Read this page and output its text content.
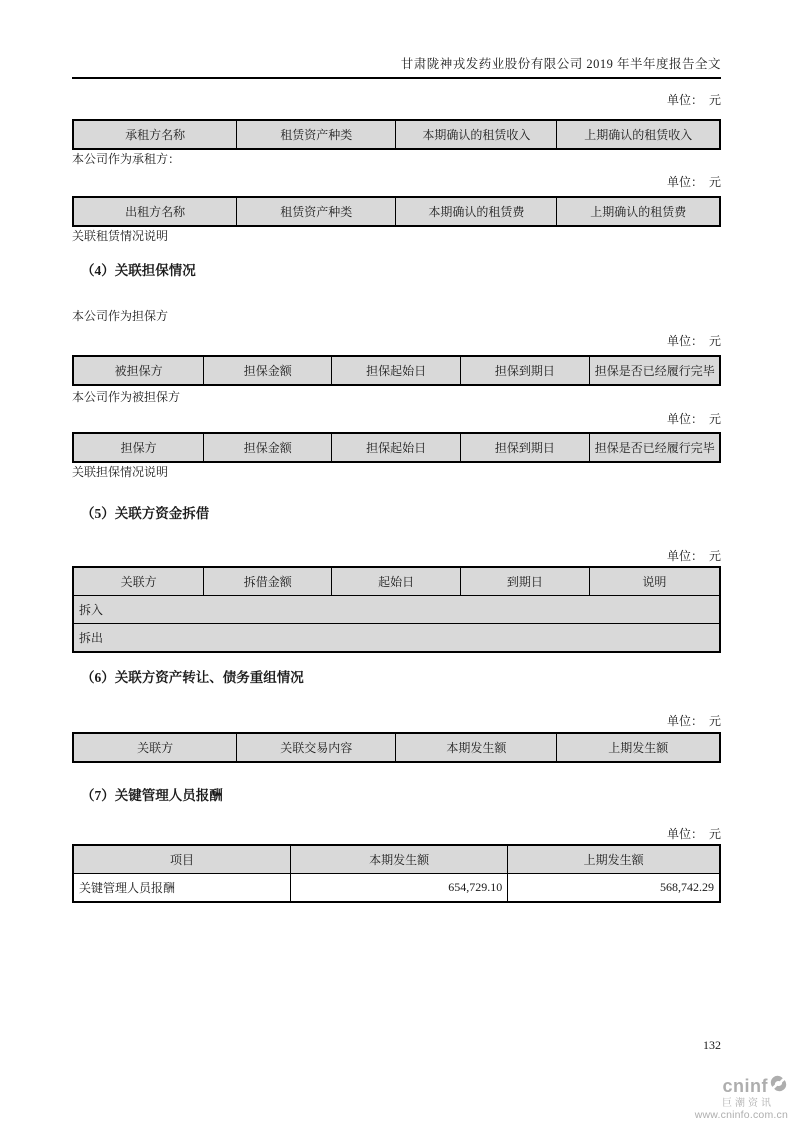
甘肃陇神戎发药业股份有限公司 2019 年半年度报告全文
单位：　元
承租方名称	租赁资产种类	本期确认的租赁收入	上期确认的租赁收入
本公司作为承租方：
单位：　元
出租方名称	租赁资产种类	本期确认的租赁费	上期确认的租赁费
关联租赁情况说明
（4）关联担保情况
本公司作为担保方
单位：　元
被担保方	担保金额	担保起始日	担保到期日	担保是否已经履行完毕
本公司作为被担保方
单位：　元
担保方	担保金额	担保起始日	担保到期日	担保是否已经履行完毕
关联担保情况说明
（5）关联方资金拆借
单位：　元
关联方	拆借金额	起始日	到期日	说明
拆入
拆出
（6）关联方资产转让、债务重组情况
单位：　元
关联方	关联交易内容	本期发生额	上期发生额
（7）关键管理人员报酬
单位：　元
项目	本期发生额	上期发生额
关键管理人员报酬	654,729.10	568,742.29
132
cninf
巨潮资讯
www.cninfo.com.cn
